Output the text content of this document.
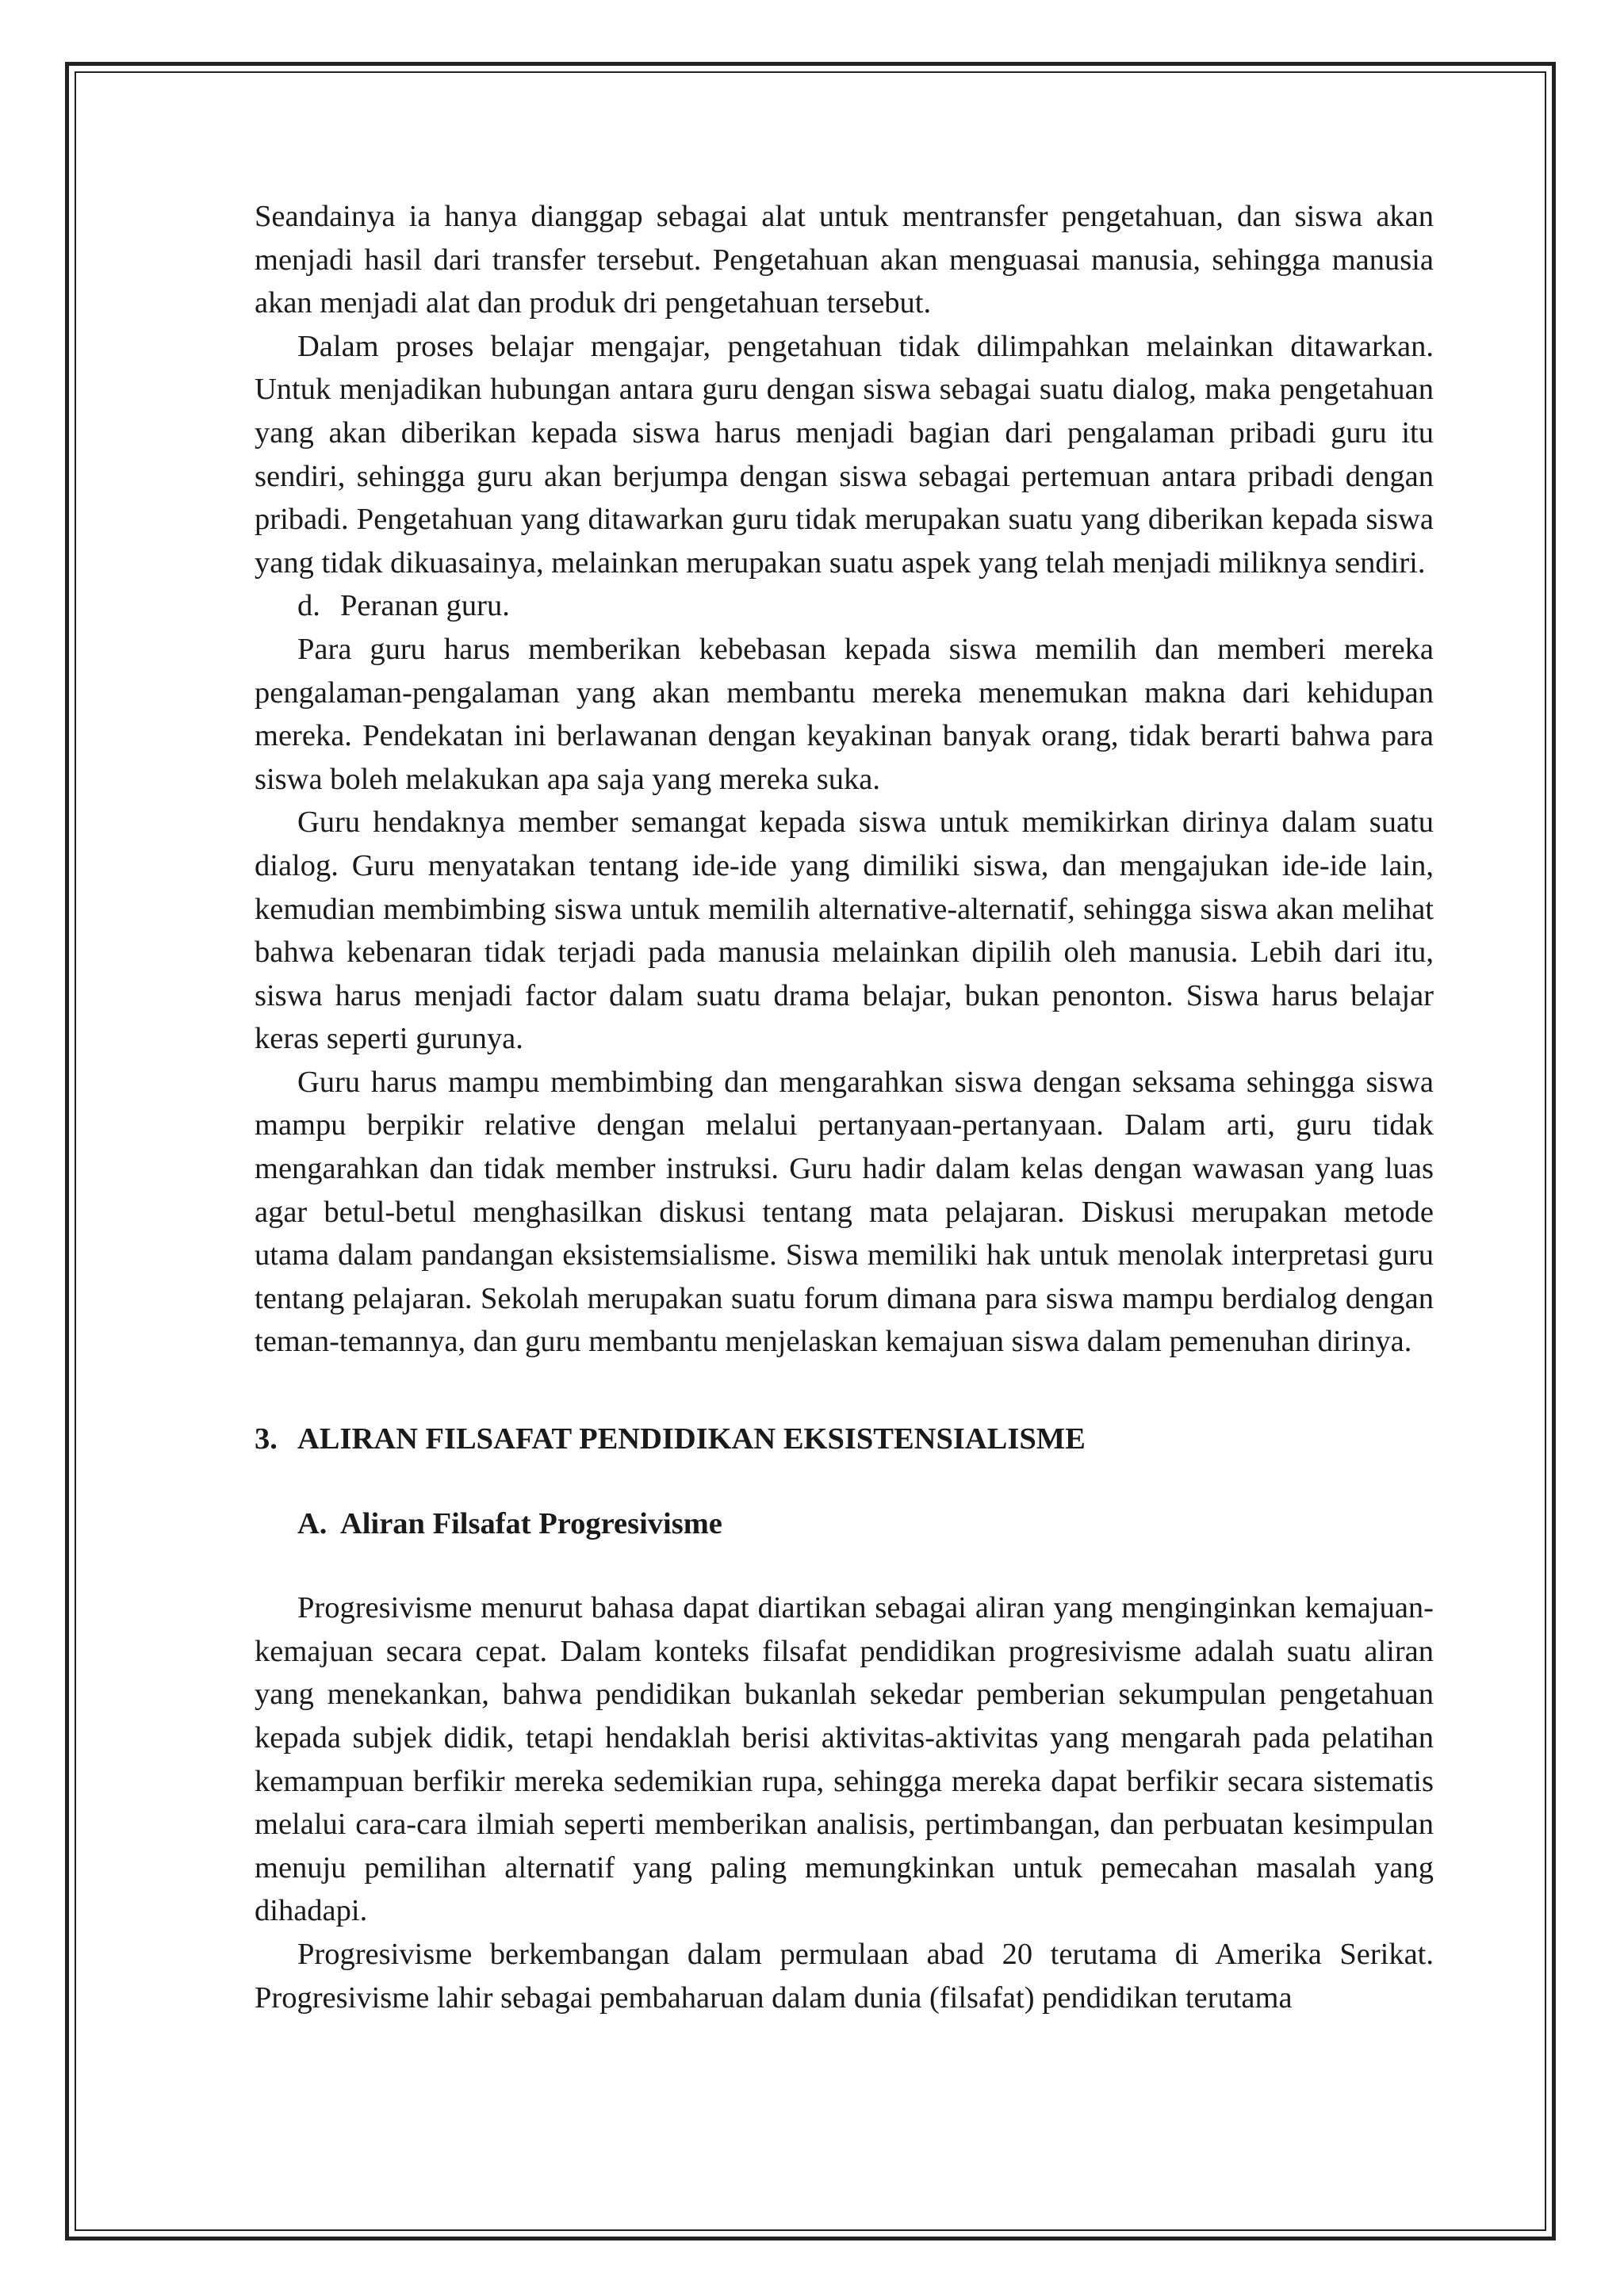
Seandainya ia hanya dianggap sebagai alat untuk mentransfer pengetahuan, dan siswa akan menjadi hasil dari transfer tersebut. Pengetahuan akan menguasai manusia, sehingga manusia akan menjadi alat dan produk dri pengetahuan tersebut.

Dalam proses belajar mengajar, pengetahuan tidak dilimpahkan melainkan ditawarkan. Untuk menjadikan hubungan antara guru dengan siswa sebagai suatu dialog, maka pengetahuan yang akan diberikan kepada siswa harus menjadi bagian dari pengalaman pribadi guru itu sendiri, sehingga guru akan berjumpa dengan siswa sebagai pertemuan antara pribadi dengan pribadi. Pengetahuan yang ditawarkan guru tidak merupakan suatu yang diberikan kepada siswa yang tidak dikuasainya, melainkan merupakan suatu aspek yang telah menjadi miliknya sendiri.

d. Peranan guru.

Para guru harus memberikan kebebasan kepada siswa memilih dan memberi mereka pengalaman-pengalaman yang akan membantu mereka menemukan makna dari kehidupan mereka. Pendekatan ini berlawanan dengan keyakinan banyak orang, tidak berarti bahwa para siswa boleh melakukan apa saja yang mereka suka.

Guru hendaknya member semangat kepada siswa untuk memikirkan dirinya dalam suatu dialog. Guru menyatakan tentang ide-ide yang dimiliki siswa, dan mengajukan ide-ide lain, kemudian membimbing siswa untuk memilih alternative-alternatif, sehingga siswa akan melihat bahwa kebenaran tidak terjadi pada manusia melainkan dipilih oleh manusia. Lebih dari itu, siswa harus menjadi factor dalam suatu drama belajar, bukan penonton. Siswa harus belajar keras seperti gurunya.

Guru harus mampu membimbing dan mengarahkan siswa dengan seksama sehingga siswa mampu berpikir relative dengan melalui pertanyaan-pertanyaan. Dalam arti, guru tidak mengarahkan dan tidak member instruksi. Guru hadir dalam kelas dengan wawasan yang luas agar betul-betul menghasilkan diskusi tentang mata pelajaran. Diskusi merupakan metode utama dalam pandangan eksistemsialisme. Siswa memiliki hak untuk menolak interpretasi guru tentang pelajaran. Sekolah merupakan suatu forum dimana para siswa mampu berdialog dengan teman-temannya, dan guru membantu menjelaskan kemajuan siswa dalam pemenuhan dirinya.

3. ALIRAN FILSAFAT PENDIDIKAN EKSISTENSIALISME
A. Aliran Filsafat Progresivisme

Progresivisme menurut bahasa dapat diartikan sebagai aliran yang menginginkan kemajuan-kemajuan secara cepat. Dalam konteks filsafat pendidikan progresivisme adalah suatu aliran yang menekankan, bahwa pendidikan bukanlah sekedar pemberian sekumpulan pengetahuan kepada subjek didik, tetapi hendaklah berisi aktivitas-aktivitas yang mengarah pada pelatihan kemampuan berfikir mereka sedemikian rupa, sehingga mereka dapat berfikir secara sistematis melalui cara-cara ilmiah seperti memberikan analisis, pertimbangan, dan perbuatan kesimpulan menuju pemilihan alternatif yang paling memungkinkan untuk pemecahan masalah yang dihadapi.

Progresivisme berkembangan dalam permulaan abad 20 terutama di Amerika Serikat. Progresivisme lahir sebagai pembaharuan dalam dunia (filsafat) pendidikan terutama
